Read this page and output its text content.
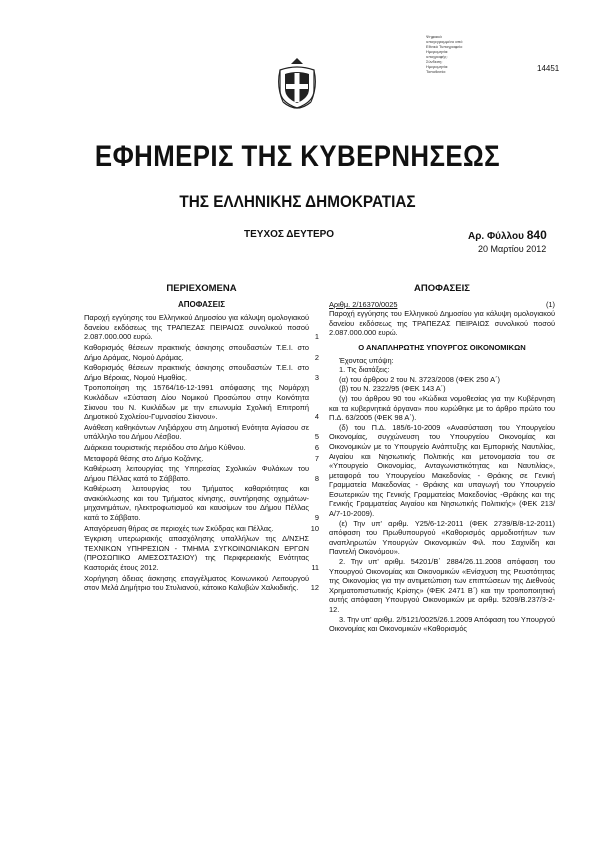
Ψηφιακά
υπογεγραμμένο από
Εθνικό Τυπογραφείο
Ημερομηνία:
υπογραφής:
Σύνδεση:
Ημερομηνία:
Τοποθεσία:	14451
ΕΦΗΜΕΡΙΣ ΤΗΣ ΚΥΒΕΡΝΗΣΕΩΣ
ΤΗΣ ΕΛΛΗΝΙΚΗΣ ΔΗΜΟΚΡΑΤΙΑΣ
ΤΕΥΧΟΣ ΔΕΥΤΕΡΟ	Αρ. Φύλλου 840
20 Μαρτίου 2012
ΠΕΡΙΕΧΟΜΕΝΑ
ΑΠΟΦΑΣΕΙΣ
Παροχή εγγύησης του Ελληνικού Δημοσίου για κάλυψη ομολογιακού δανείου εκδόσεως της ΤΡΑΠΕΖΑΣ ΠΕΙΡΑΙΩΣ συνολικού ποσού 2.087.000.000 ευρώ.	1
Καθορισμός θέσεων πρακτικής άσκησης σπουδαστών Τ.Ε.Ι. στο Δήμο Δράμας, Νομού Δράμας.	2
Καθορισμός θέσεων πρακτικής άσκησης σπουδαστών Τ.Ε.Ι. στο Δήμο Βέροιας, Νομού Ημαθίας.	3
Τροποποίηση της 15764/16-12-1991 απόφασης της Νομάρχη Κυκλάδων «Σύσταση Δίου Νομικού Προσώπου στην Κοινότητα Σίκινου του Ν. Κυκλάδων με την επωνυμία Σχολική Επιτροπή Δημοτικού Σχολείου-Γυμνασίου Σίκινου».	4
Ανάθεση καθηκόντων Ληξιάρχου στη Δημοτική Ενότητα Αγίασου σε υπάλληλο του Δήμου Λέσβου.	5
Διάρκεια τουριστικής περιόδου στο Δήμο Κύθνου.	6
Μεταφορά θέσης στο Δήμο Κοζάνης.	7
Καθιέρωση λειτουργίας της Υπηρεσίας Σχολικών Φυλάκων του Δήμου Πέλλας κατά το Σάββατο.	8
Καθιέρωση λειτουργίας του Τμήματος καθαριότητας και ανακύκλωσης και του Τμήματος κίνησης, συντήρησης οχημάτων-μηχανημάτων, ηλεκτροφωτισμού και καυσίμων του Δήμου Πέλλας κατά το Σάββατο.	9
Απαγόρευση θήρας σε περιοχές των Σκύδρας και Πέλλας.	10
Έγκριση υπερωριακής απασχόλησης υπαλλήλων της Δ/ΝΣΗΣ ΤΕΧΝΙΚΩΝ ΥΠΗΡΕΣΙΩΝ - ΤΜΗΜΑ ΣΥΓΚΟΙΝΩΝΙΑΚΩΝ ΕΡΓΩΝ (ΠΡΟΣΩΠΙΚΟ ΑΜΕΣΟΣΤΑΣΙΟΥ) της Περιφερειακής Ενότητας Καστοριάς έτους 2012.	11
Χορήγηση άδειας άσκησης επαγγέλματος Κοινωνικού Λειτουργού στον Μελά Δημήτριο του Στυλιανού, κάτοικο Καλυβών Χαλκιδικής.	12
ΑΠΟΦΑΣΕΙΣ
Αριθμ. 2/16370/0025	(1)

Παροχή εγγύησης του Ελληνικού Δημοσίου για κάλυψη ομολογιακού δανείου εκδόσεως της ΤΡΑΠΕΖΑΣ ΠΕΙΡΑΙΩΣ συνολικού ποσού 2.087.000.000 ευρώ.

Ο ΑΝΑΠΛΗΡΩΤΗΣ ΥΠΟΥΡΓΟΣ ΟΙΚΟΝΟΜΙΚΩΝ

Έχοντας υπόψη:

1. Τις διατάξεις:

(α) του άρθρου 2 του Ν. 3723/2008 (ΦΕΚ 250 Α΄)

(β) του Ν. 2322/95 (ΦΕΚ 143 Α΄)

(γ) του άρθρου 90 του «Κώδικα νομοθεσίας για την Κυβέρνηση και τα κυβερνητικά όργανα» που κυρώθηκε με το άρθρο πρώτο του Π.Δ. 63/2005 (ΦΕΚ 98 Α΄).

(δ) του Π.Δ. 185/6-10-2009 «Ανασύσταση του Υπουργείου Οικονομίας, συγχώνευση του Υπουργείου Οικονομίας και Οικονομικών με το Υπουργείο Ανάπτυξης και Εμπορικής Ναυτιλίας, Αιγαίου και Νησιωτικής Πολιτικής και μετονομασία του σε «Υπουργείο Οικονομίας, Ανταγωνιστικότητας και Ναυτιλίας», μεταφορά του Υπουργείου Μακεδονίας - Θράκης σε Γενική Γραμματεία Μακεδονίας - Θράκης και υπαγωγή του Υπουργείο Εσωτερικών της Γενικής Γραμματείας Μακεδονίας -Θράκης και της Γενικής Γραμματείας Αιγαίου και Νησιωτικής Πολιτικής» (ΦΕΚ 213/Α/7-10-2009).

(ε) Την υπ' αριθμ. Υ25/6-12-2011 (ΦΕΚ 2739/Β/8-12-2011) απόφαση του Πρωθυπουργού «Καθορισμός αρμοδιοτήτων των αναπληρωτών Υπουργών Οικονομικών Φιλ. που Σαχινίδη και Παντελή Οικονόμου».

2. Την υπ' αριθμ. 54201/Β΄ 2884/26.11.2008 απόφαση του Υπουργού Οικονομίας και Οικονομικών «Ενίσχυση της Ρευστότητας της Οικονομίας για την αντιμετώπιση των επιπτώσεων της Διεθνούς Χρηματοπιστωτικής Κρίσης» (ΦΕΚ 2471 Β΄) και την τροποποιητική αυτής απόφαση Υπουργού Οικονομικών με αριθμ. 5209/Β.237/3-2-12.

3. Την υπ' αριθμ. 2/5121/0025/26.1.2009 Απόφαση του Υπουργού Οικονομίας και Οικονομικών «Καθορισμός
